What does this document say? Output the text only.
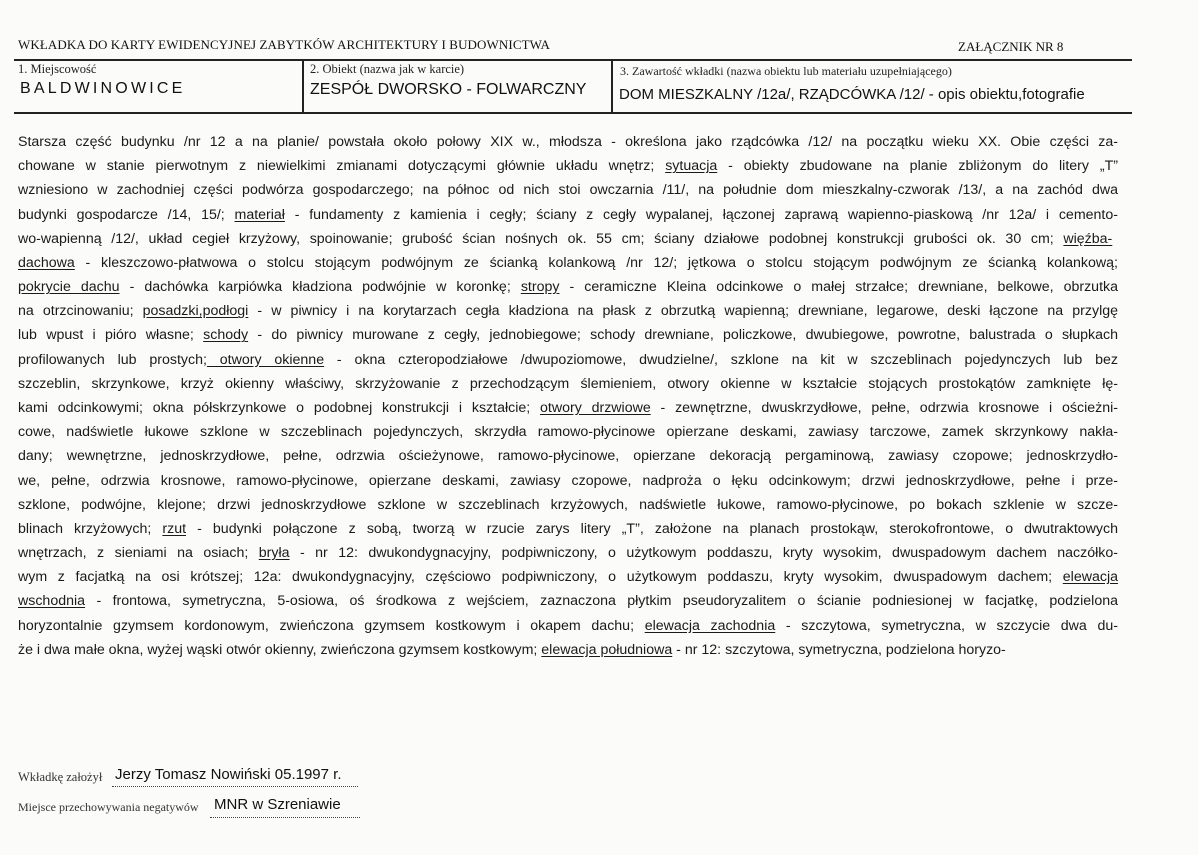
WKŁADKA DO KARTY EWIDENCYJNEJ ZABYTKÓW ARCHITEKTURY I BUDOWNICTWA	ZAŁĄCZNIK NR 8
1. Miejscowość
BALDWINOWICE
2. Obiekt (nazwa jak w karcie)
ZESPÓŁ DWORSKO - FOLWARCZNY
3. Zawartość wkładki (nazwa obiektu lub materiału uzupełniającego)
DOM MIESZKALNY /12a/, RZĄDCÓWKA /12/ - opis obiektu,fotografie
Starsza część budynku /nr 12 a na planie/ powstała około połowy XIX w., młodsza - określona jako rządcówka /12/ na początku wieku XX. Obie części za-
chowane w stanie pierwotnym z niewielkimi zmianami dotyczącymi głównie układu wnętrz; sytuacja - obiekty zbudowane na planie zbliżonym do litery „T”
wzniesiono w zachodniej części podwórza gospodarczego; na północ od nich stoi owczarnia /11/, na południe dom mieszkalny-czworak /13/, a na zachód dwa
budynki gospodarcze /14, 15/; materiał - fundamenty z kamienia i cegły; ściany z cegły wypalanej, łączonej zaprawą wapienno-piaskową /nr 12a/ i cemento-
wo-wapienną /12/, układ cegieł krzyżowy, spoinowanie; grubość ścian nośnych ok. 55 cm; ściany działowe podobnej konstrukcji grubości ok. 30 cm; więźba-
dachowa - kleszczowo-płatwowa o stolcu stojącym podwójnym ze ścianką kolankową /nr 12/; jętkowa o stolcu stojącym podwójnym ze ścianką kolankową;
pokrycie dachu - dachówka karpiówka kładziona podwójnie w koronkę; stropy - ceramiczne Kleina odcinkowe o małej strzałce; drewniane, belkowe, obrzutka
na otrzcinowaniu; posadzki,podłogi - w piwnicy i na korytarzach cegła kładziona na płask z obrzutką wapienną; drewniane, legarowe, deski łączone na przylgę
lub wpust i pióro własne; schody - do piwnicy murowane z cegły, jednobiegowe; schody drewniane, policzkowe, dwubiegowe, powrotne, balustrada o słupkach
profilowanych lub prostych; otwory okienne - okna czteropodziałowe /dwupoziomowe, dwudzielne/, szklone na kit w szczeblinach pojedynczych lub bez
szczeblin, skrzynkowe, krzyż okienny właściwy, skrzyżowanie z przechodzącym ślemieniem, otwory okienne w kształcie stojących prostokątów zamknięte łę-
kami odcinkowymi; okna półskrzynkowe o podobnej konstrukcji i kształcie; otwory drzwiowe - zewnętrzne, dwuskrzydłowe, pełne, odrzwia krosnowe i ościeżni-
cowe, nadświetle łukowe szklone w szczeblinach pojedynczych, skrzydła ramowo-płycinowe opierzane deskami, zawiasy tarczowe, zamek skrzynkowy nakła-
dany; wewnętrzne, jednoskrzydłowe, pełne, odrzwia ościeżynowe, ramowo-płycinowe, opierzane dekoracją pergaminową, zawiasy czopowe; jednoskrzydło-
we, pełne, odrzwia krosnowe, ramowo-płycinowe, opierzane deskami, zawiasy czopowe, nadproża o łęku odcinkowym; drzwi jednoskrzydłowe, pełne i prze-
szklone, podwójne, klejone; drzwi jednoskrzydłowe szklone w szczeblinach krzyżowych, nadświetle łukowe, ramowo-płycinowe, po bokach szklenie w szcze-
blinach krzyżowych; rzut - budynki połączone z sobą, tworzą w rzucie zarys litery „T”, założone na planach prostokąw, sterokofrontowe, o dwutraktowych
wnętrzach, z sieniami na osiach; bryła - nr 12: dwukondygnacyjny, podpiwniczony, o użytkowym poddaszu, kryty wysokim, dwuspadowym dachem naczółko-
wym z facjatką na osi krótszej; 12a: dwukondygnacyjny, częściowo podpiwniczony, o użytkowym poddaszu, kryty wysokim, dwuspadowym dachem; elewacja
wschodnia - frontowa, symetryczna, 5-osiowa, oś środkowa z wejściem, zaznaczona płytkim pseudoryzalitem o ścianie podniesionej w facjatkę, podzielona
horyzontalnie gzymsem kordonowym, zwieńczona gzymsem kostkowym i okapem dachu; elewacja zachodnia - szczytowa, symetryczna, w szczycie dwa du-
że i dwa małe okna, wyżej wąski otwór okienny, zwieńczona gzymsem kostkowym; elewacja południowa - nr 12: szczytowa, symetryczna, podzielona horyzo-
Wkładkę założył Jerzy Tomasz Nowiński 05.1997 r.
Miejsce przechowywania negatywów MNR w Szreniawie
